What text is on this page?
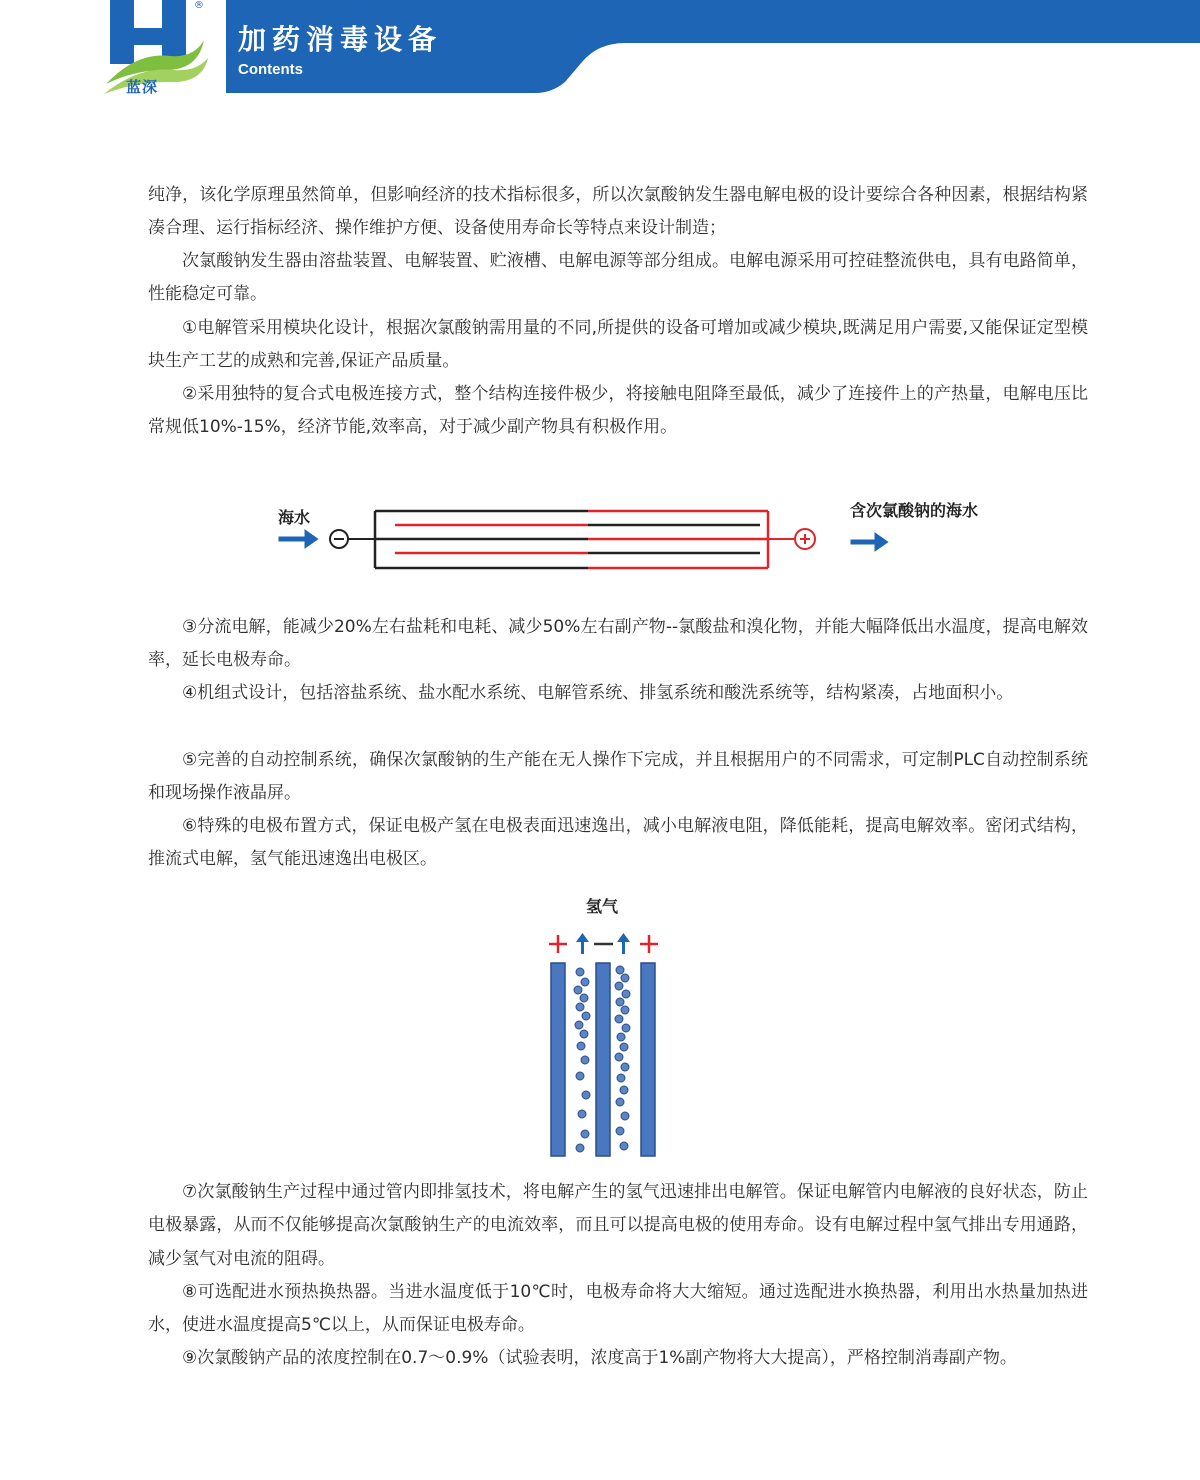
®
蓝深
加药消毒设备
Contents

纯净，该化学原理虽然简单，但影响经济的技术指标很多，所以次氯酸钠发生器电解电极的设计要综合各种因素，根据结构紧凑合理、运行指标经济、操作维护方便、设备使用寿命长等特点来设计制造；

次氯酸钠发生器由溶盐装置、电解装置、贮液槽、电解电源等部分组成。电解电源采用可控硅整流供电，具有电路简单，性能稳定可靠。

①电解管采用模块化设计，根据次氯酸钠需用量的不同,所提供的设备可增加或减少模块,既满足用户需要,又能保证定型模块生产工艺的成熟和完善,保证产品质量。

②采用独特的复合式电极连接方式，整个结构连接件极少，将接触电阻降至最低，减少了连接件上的产热量，电解电压比常规低10%-15%，经济节能,效率高，对于减少副产物具有积极作用。

海水	含次氯酸钠的海水

③分流电解，能减少20%左右盐耗和电耗、减少50%左右副产物--氯酸盐和溴化物，并能大幅降低出水温度，提高电解效率，延长电极寿命。

④机组式设计，包括溶盐系统、盐水配水系统、电解管系统、排氢系统和酸洗系统等，结构紧凑，占地面积小。

⑤完善的自动控制系统，确保次氯酸钠的生产能在无人操作下完成，并且根据用户的不同需求，可定制PLC自动控制系统和现场操作液晶屏。

⑥特殊的电极布置方式，保证电极产氢在电极表面迅速逸出，减小电解液电阻，降低能耗，提高电解效率。密闭式结构，推流式电解，氢气能迅速逸出电极区。

氢气

⑦次氯酸钠生产过程中通过管内即排氢技术，将电解产生的氢气迅速排出电解管。保证电解管内电解液的良好状态，防止电极暴露，从而不仅能够提高次氯酸钠生产的电流效率，而且可以提高电极的使用寿命。设有电解过程中氢气排出专用通路，减少氢气对电流的阻碍。

⑧可选配进水预热换热器。当进水温度低于10℃时，电极寿命将大大缩短。通过选配进水换热器，利用出水热量加热进水，使进水温度提高5℃以上，从而保证电极寿命。

⑨次氯酸钠产品的浓度控制在0.7～0.9%（试验表明，浓度高于1%副产物将大大提高），严格控制消毒副产物。
